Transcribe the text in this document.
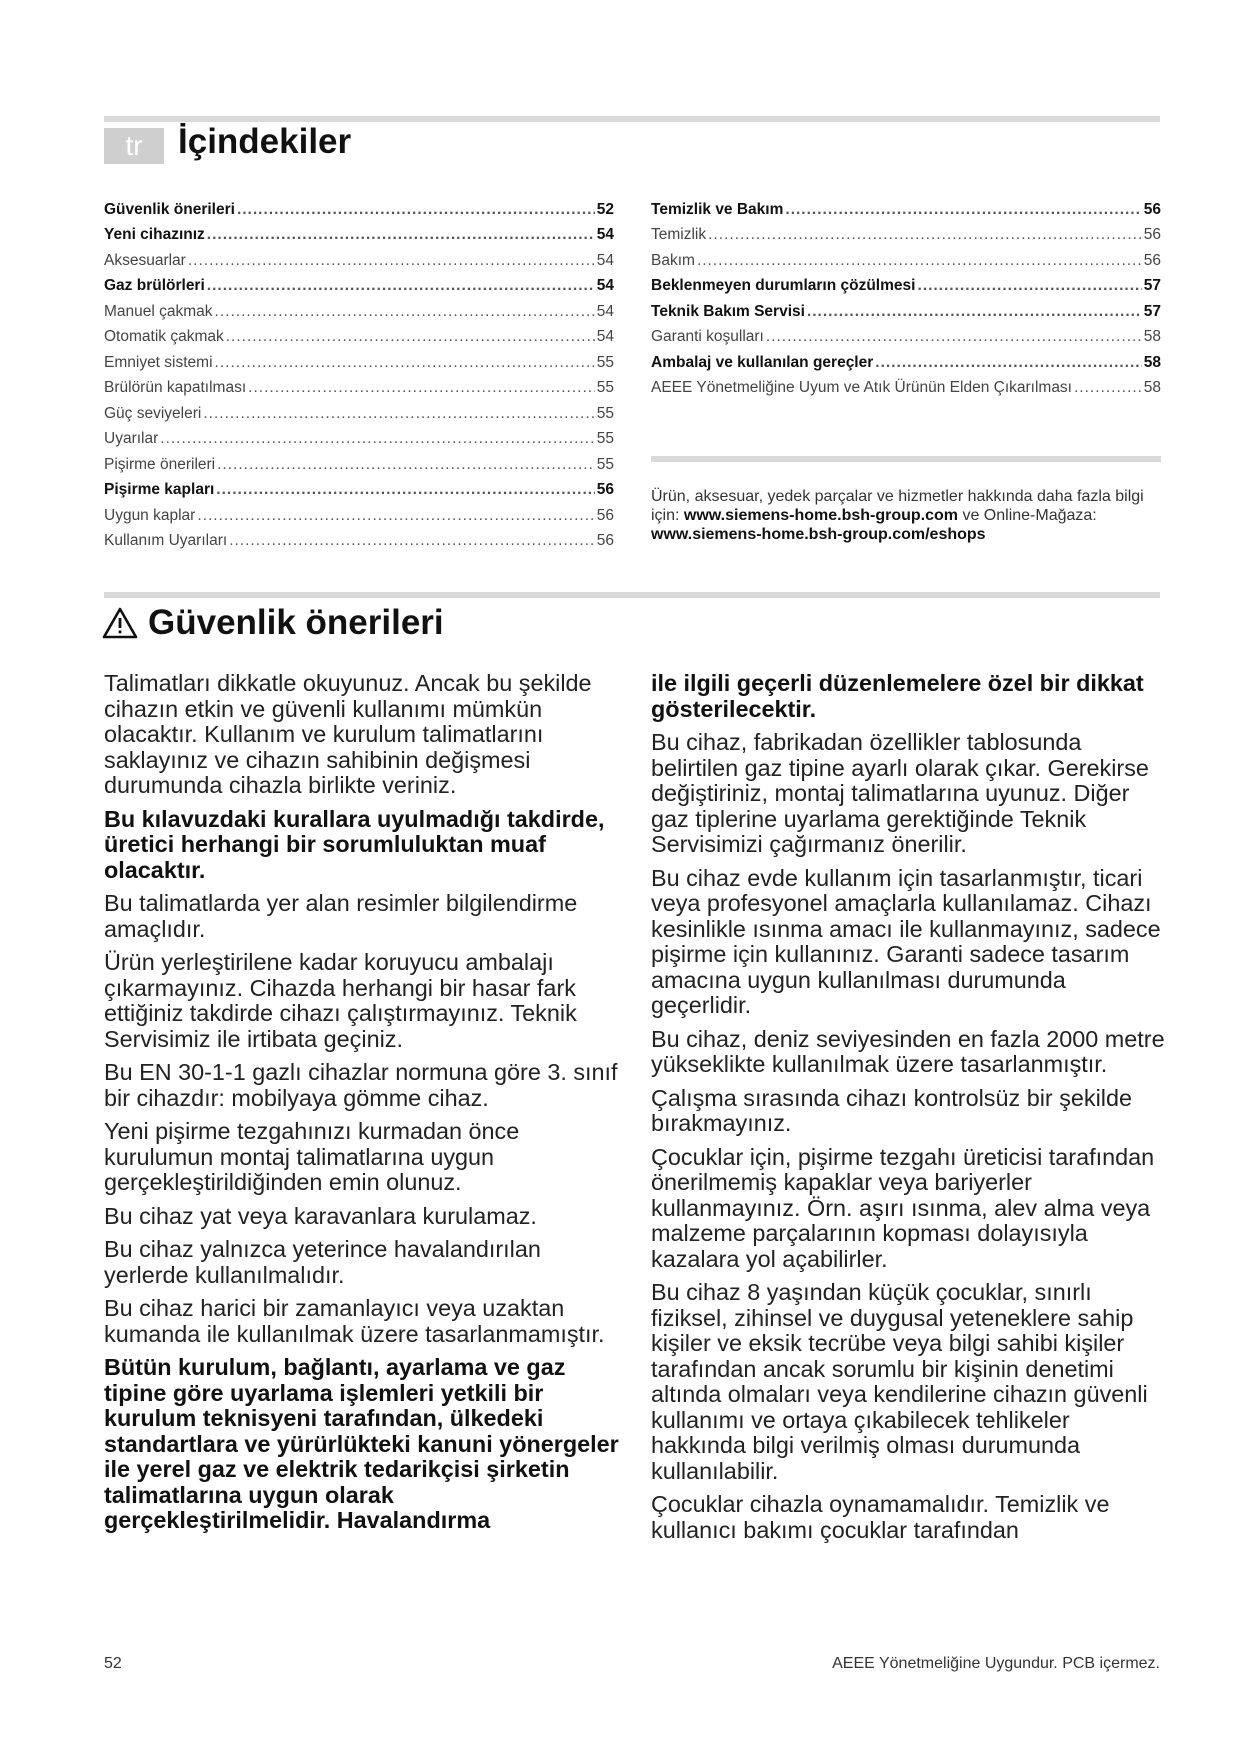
tr	İçindekiler
Güvenlik önerileri .....	52
Yeni cihazınız .....	54
Aksesuarlar .....	54
Gaz brülörleri .....	54
Manuel çakmak .....	54
Otomatik çakmak .....	54
Emniyet sistemi .....	55
Brülörün kapatılması .....	55
Güç seviyeleri .....	55
Uyarılar .....	55
Pişirme önerileri .....	55
Pişirme kapları .....	56
Uygun kaplar .....	56
Kullanım Uyarıları .....	56
Temizlik ve Bakım .....	56
Temizlik .....	56
Bakım .....	56
Beklenmeyen durumların çözülmesi .....	57
Teknik Bakım Servisi .....	57
Garanti koşulları .....	58
Ambalaj ve kullanılan gereçler .....	58
AEEE Yönetmeliğine Uyum ve Atık Ürünün Elden Çıkarılması .....	58
Ürün, aksesuar, yedek parçalar ve hizmetler hakkında daha fazla bilgi için: www.siemens-home.bsh-group.com ve Online-Mağaza: www.siemens-home.bsh-group.com/eshops
Güvenlik önerileri

Talimatları dikkatle okuyunuz. Ancak bu şekilde cihazın etkin ve güvenli kullanımı mümkün olacaktır. Kullanım ve kurulum talimatlarını saklayınız ve cihazın sahibinin değişmesi durumunda cihazla birlikte veriniz.

Bu kılavuzdaki kurallara uyulmadığı takdirde, üretici herhangi bir sorumluluktan muaf olacaktır.

Bu talimatlarda yer alan resimler bilgilendirme amaçlıdır.

Ürün yerleştirilene kadar koruyucu ambalajı çıkarmayınız. Cihazda herhangi bir hasar fark ettiğiniz takdirde cihazı çalıştırmayınız. Teknik Servisimiz ile irtibata geçiniz.

Bu EN 30-1-1 gazlı cihazlar normuna göre 3. sınıf bir cihazdır: mobilyaya gömme cihaz.

Yeni pişirme tezgahınızı kurmadan önce kurulumun montaj talimatlarına uygun gerçekleştirildiğinden emin olunuz.

Bu cihaz yat veya karavanlara kurulamaz.

Bu cihaz yalnızca yeterince havalandırılan yerlerde kullanılmalıdır.

Bu cihaz harici bir zamanlayıcı veya uzaktan kumanda ile kullanılmak üzere tasarlanmamıştır.

Bütün kurulum, bağlantı, ayarlama ve gaz tipine göre uyarlama işlemleri yetkili bir kurulum teknisyeni tarafından, ülkedeki standartlara ve yürürlükteki kanuni yönergeler ile yerel gaz ve elektrik tedarikçisi şirketin talimatlarına uygun olarak gerçekleştirilmelidir. Havalandırma

ile ilgili geçerli düzenlemelere özel bir dikkat gösterilecektir.

Bu cihaz, fabrikadan özellikler tablosunda belirtilen gaz tipine ayarlı olarak çıkar. Gerekirse değiştiriniz, montaj talimatlarına uyunuz. Diğer gaz tiplerine uyarlama gerektiğinde Teknik Servisimizi çağırmanız önerilir.

Bu cihaz evde kullanım için tasarlanmıştır, ticari veya profesyonel amaçlarla kullanılamaz. Cihazı kesinlikle ısınma amacı ile kullanmayınız, sadece pişirme için kullanınız. Garanti sadece tasarım amacına uygun kullanılması durumunda geçerlidir.

Bu cihaz, deniz seviyesinden en fazla 2000 metre yükseklikte kullanılmak üzere tasarlanmıştır.

Çalışma sırasında cihazı kontrolsüz bir şekilde bırakmayınız.

Çocuklar için, pişirme tezgahı üreticisi tarafından önerilmemiş kapaklar veya bariyerler kullanmayınız. Örn. aşırı ısınma, alev alma veya malzeme parçalarının kopması dolayısıyla kazalara yol açabilirler.

Bu cihaz 8 yaşından küçük çocuklar, sınırlı fiziksel, zihinsel ve duygusal yeteneklere sahip kişiler ve eksik tecrübe veya bilgi sahibi kişiler tarafından ancak sorumlu bir kişinin denetimi altında olmaları veya kendilerine cihazın güvenli kullanımı ve ortaya çıkabilecek tehlikeler hakkında bilgi verilmiş olması durumunda kullanılabilir.

Çocuklar cihazla oynamamalıdır. Temizlik ve kullanıcı bakımı çocuklar tarafından

52	AEEE Yönetmeliğine Uygundur. PCB içermez.
